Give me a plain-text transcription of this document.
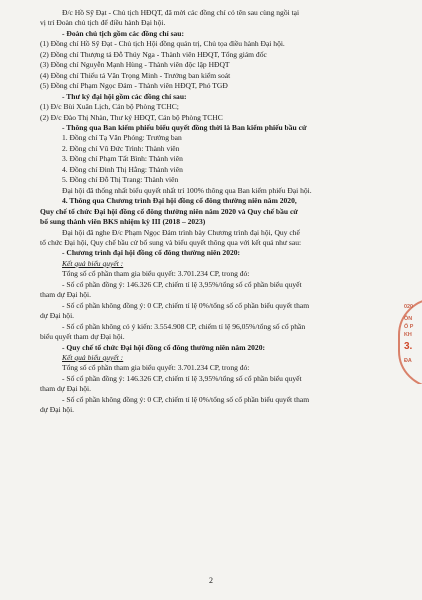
Đ/c Hồ Sỹ Đạt - Chủ tịch HĐQT, đã mời các đồng chí có tên sau cùng ngồi tại

vị trí Đoàn chủ tịch để điều hành Đại hội.

- Đoàn chủ tịch gồm các đồng chí sau:

(1) Đồng chí Hồ Sỹ Đạt - Chủ tịch Hội đồng quản trị, Chủ tọa điều hành Đại hội.

(2) Đồng chí Thượng tá Đỗ Thúy Nga - Thành viên HĐQT, Tổng giám đốc

(3) Đồng chí Nguyễn Mạnh Hùng - Thành viên độc lập HĐQT

(4) Đồng chí Thiếu tá Văn Trọng Minh - Trưởng ban kiểm soát

(5) Đồng chí Phạm Ngọc Đảm - Thành viên HĐQT, Phó TGĐ

- Thư ký đại hội gồm các đồng chí sau:

(1) Đ/c Bùi Xuân Lịch, Cán bộ Phòng TCHC;

(2) Đ/c Đào Thị Nhàn, Thư ký HĐQT, Cán bộ Phòng TCHC

- Thông qua Ban kiểm phiếu biểu quyết đồng thời là Ban kiểm phiếu bầu cử

1. Đồng chí Tạ Văn Phóng: Trưởng ban

2. Đồng chí Vũ Đức Trình: Thành viên

3. Đồng chí Phạm Tất Bình: Thành viên

4. Đồng chí Đinh Thị Hằng: Thành viên

5. Đồng chí Đỗ Thị Trang: Thành viên

Đại hội đã thống nhất biểu quyết nhất trí 100% thông qua Ban kiểm phiếu Đại hội.

4. Thông qua Chương trình Đại hội đồng cổ đông thường niên năm 2020,

Quy chế tổ chức Đại hội đồng cổ đông thường niên năm 2020 và Quy chế bầu cử

bổ sung thành viên BKS nhiệm kỳ III (2018 – 2023)

Đại hội đã nghe Đ/c Phạm Ngọc Đảm trình bày Chương trình đại hội, Quy chế

tổ chức Đại hội, Quy chế bầu cử bổ sung và biểu quyết thông qua với kết quả như sau:

- Chương trình đại hội đồng cổ đông thường niên 2020:

Kết quả biểu quyết :

Tổng số cổ phần tham gia biểu quyết: 3.701.234 CP, trong đó:

- Số cổ phần đồng ý: 146.326 CP, chiếm tỉ lệ 3,95%/tổng số cổ phần biểu quyết

tham dự Đại hội.

- Số cổ phần không đồng ý: 0 CP, chiếm tỉ lệ 0%/tổng số cổ phần biểu quyết tham

dự Đại hội.

- Số cổ phần không có ý kiến: 3.554.908 CP, chiếm tỉ lệ 96,05%/tổng số cổ phần

biểu quyết tham dự Đại hội.

- Quy chế tổ chức Đại hội đồng cổ đông thường niên năm 2020:

Kết quả biểu quyết :

Tổng số cổ phần tham gia biểu quyết: 3.701.234 CP, trong đó:

- Số cổ phần đồng ý: 146.326 CP, chiếm tỉ lệ 3,95%/tổng số cổ phần biểu quyết

tham dự Đại hội.

- Số cổ phần không đồng ý: 0 CP, chiếm tỉ lệ 0%/tổng số cổ phần biểu quyết tham

dự Đại hội.

020
ÔN
Ố P
KH
3.
ĐA
2
